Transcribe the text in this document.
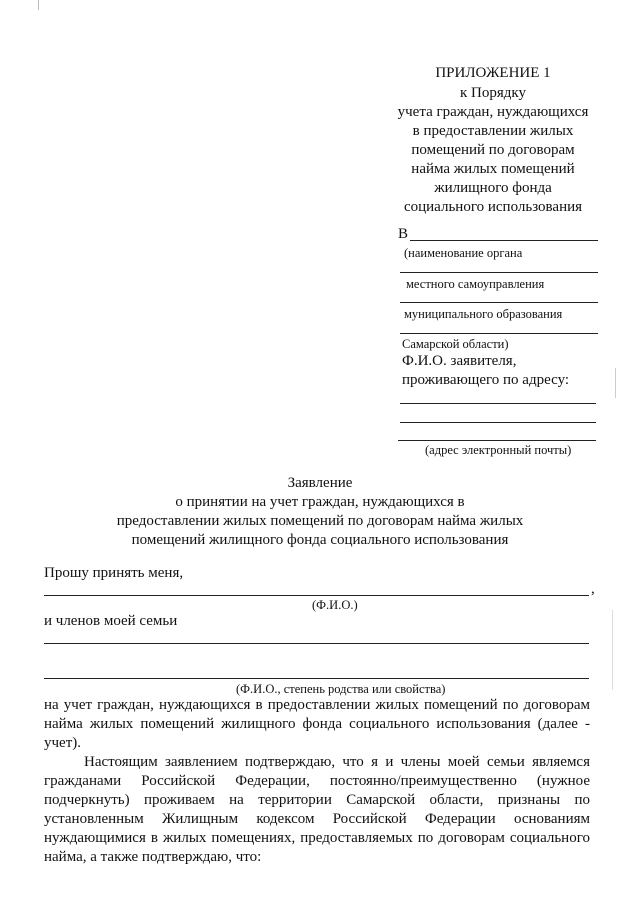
ПРИЛОЖЕНИЕ 1
к Порядку
учета граждан, нуждающихся
в предоставлении жилых
помещений по договорам
найма жилых помещений
жилищного фонда
социального использования
В
(наименование органа
местного самоуправления
муниципального образования
Самарской области)
Ф.И.О. заявителя,
проживающего по адресу:
(адрес электронный почты)
Заявление
о принятии на учет граждан, нуждающихся в
предоставлении жилых помещений по договорам найма жилых
помещений жилищного фонда социального использования
Прошу принять меня,
,
(Ф.И.О.)
и членов моей семьи
(Ф.И.О., степень родства или свойства)
на учет граждан, нуждающихся в предоставлении жилых помещений по договорам
найма жилых помещений жилищного фонда социального использования (далее -
учет).
Настоящим заявлением подтверждаю, что я и члены моей семьи являемся
гражданами Российской Федерации, постоянно/преимущественно (нужное
подчеркнуть) проживаем на территории Самарской области, признаны по
установленным Жилищным кодексом Российской Федерации основаниям
нуждающимися в жилых помещениях, предоставляемых по договорам социального
найма, а также подтверждаю, что:
